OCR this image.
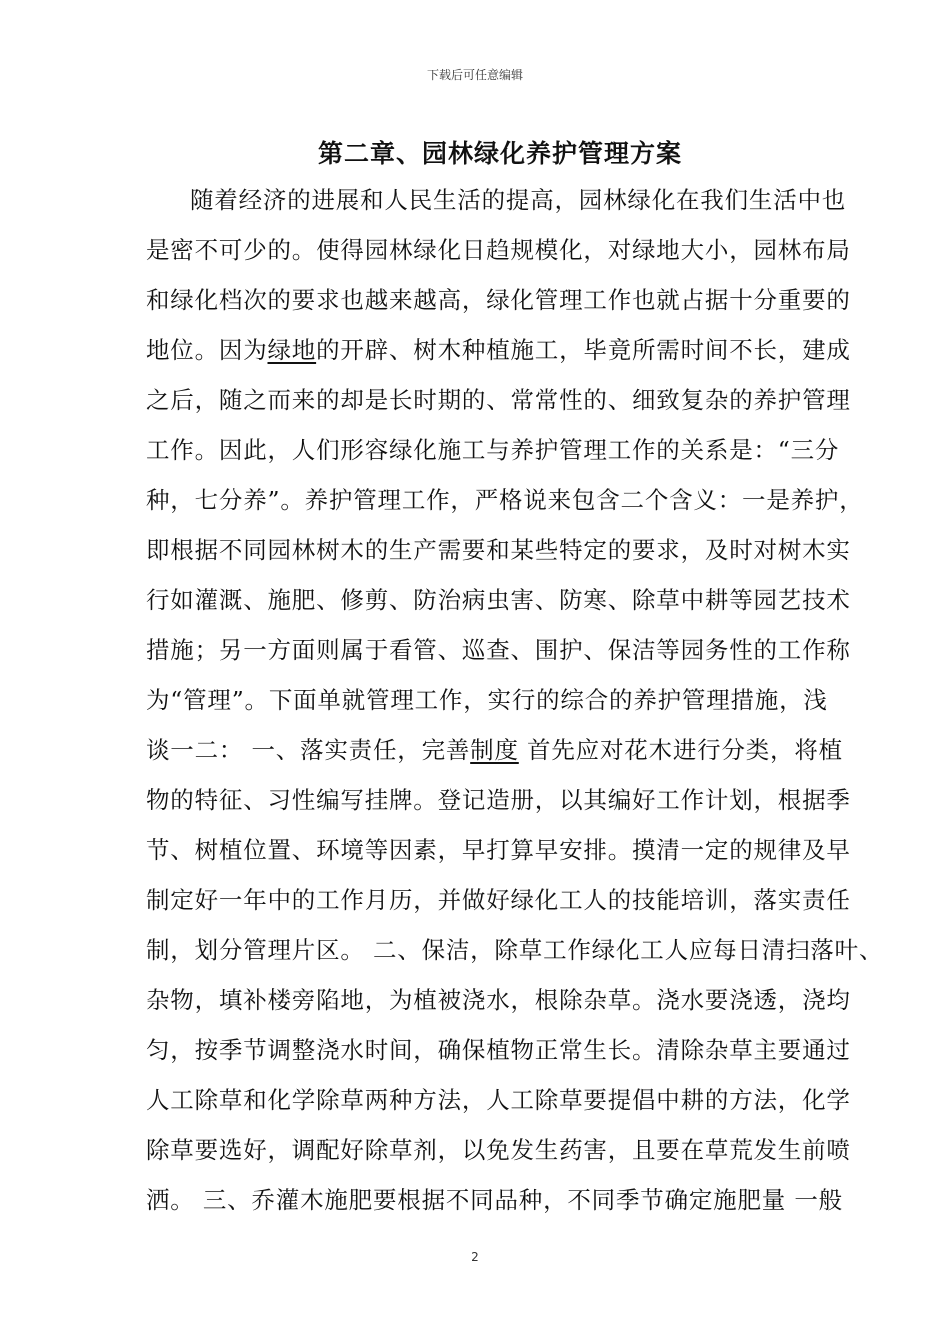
下载后可任意编辑
第二章、园林绿化养护管理方案
随着经济的进展和人民生活的提高，园林绿化在我们生活中也
是密不可少的。使得园林绿化日趋规模化，对绿地大小，园林布局
和绿化档次的要求也越来越高，绿化管理工作也就占据十分重要的
地位。因为绿地的开辟、树木种植施工，毕竟所需时间不长，建成
之后，随之而来的却是长时期的、常常性的、细致复杂的养护管理
工作。因此，人们形容绿化施工与养护管理工作的关系是：“三分
种，七分养”。养护管理工作，严格说来包含二个含义：一是养护，
即根据不同园林树木的生产需要和某些特定的要求，及时对树木实
行如灌溉、施肥、修剪、防治病虫害、防寒、除草中耕等园艺技术
措施；另一方面则属于看管、巡查、围护、保洁等园务性的工作称
为“管理”。下面单就管理工作，实行的综合的养护管理措施，浅
谈一二： 一、落实责任，完善制度 首先应对花木进行分类，将植
物的特征、习性编写挂牌。登记造册，以其编好工作计划，根据季
节、树植位置、环境等因素，早打算早安排。摸清一定的规律及早
制定好一年中的工作月历，并做好绿化工人的技能培训，落实责任
制，划分管理片区。 二、保洁，除草工作绿化工人应每日清扫落叶、
杂物，填补楼旁陷地，为植被浇水，根除杂草。浇水要浇透，浇均
匀，按季节调整浇水时间，确保植物正常生长。清除杂草主要通过
人工除草和化学除草两种方法，人工除草要提倡中耕的方法，化学
除草要选好，调配好除草剂，以免发生药害，且要在草荒发生前喷
洒。 三、乔灌木施肥要根据不同品种，不同季节确定施肥量 一般
2
